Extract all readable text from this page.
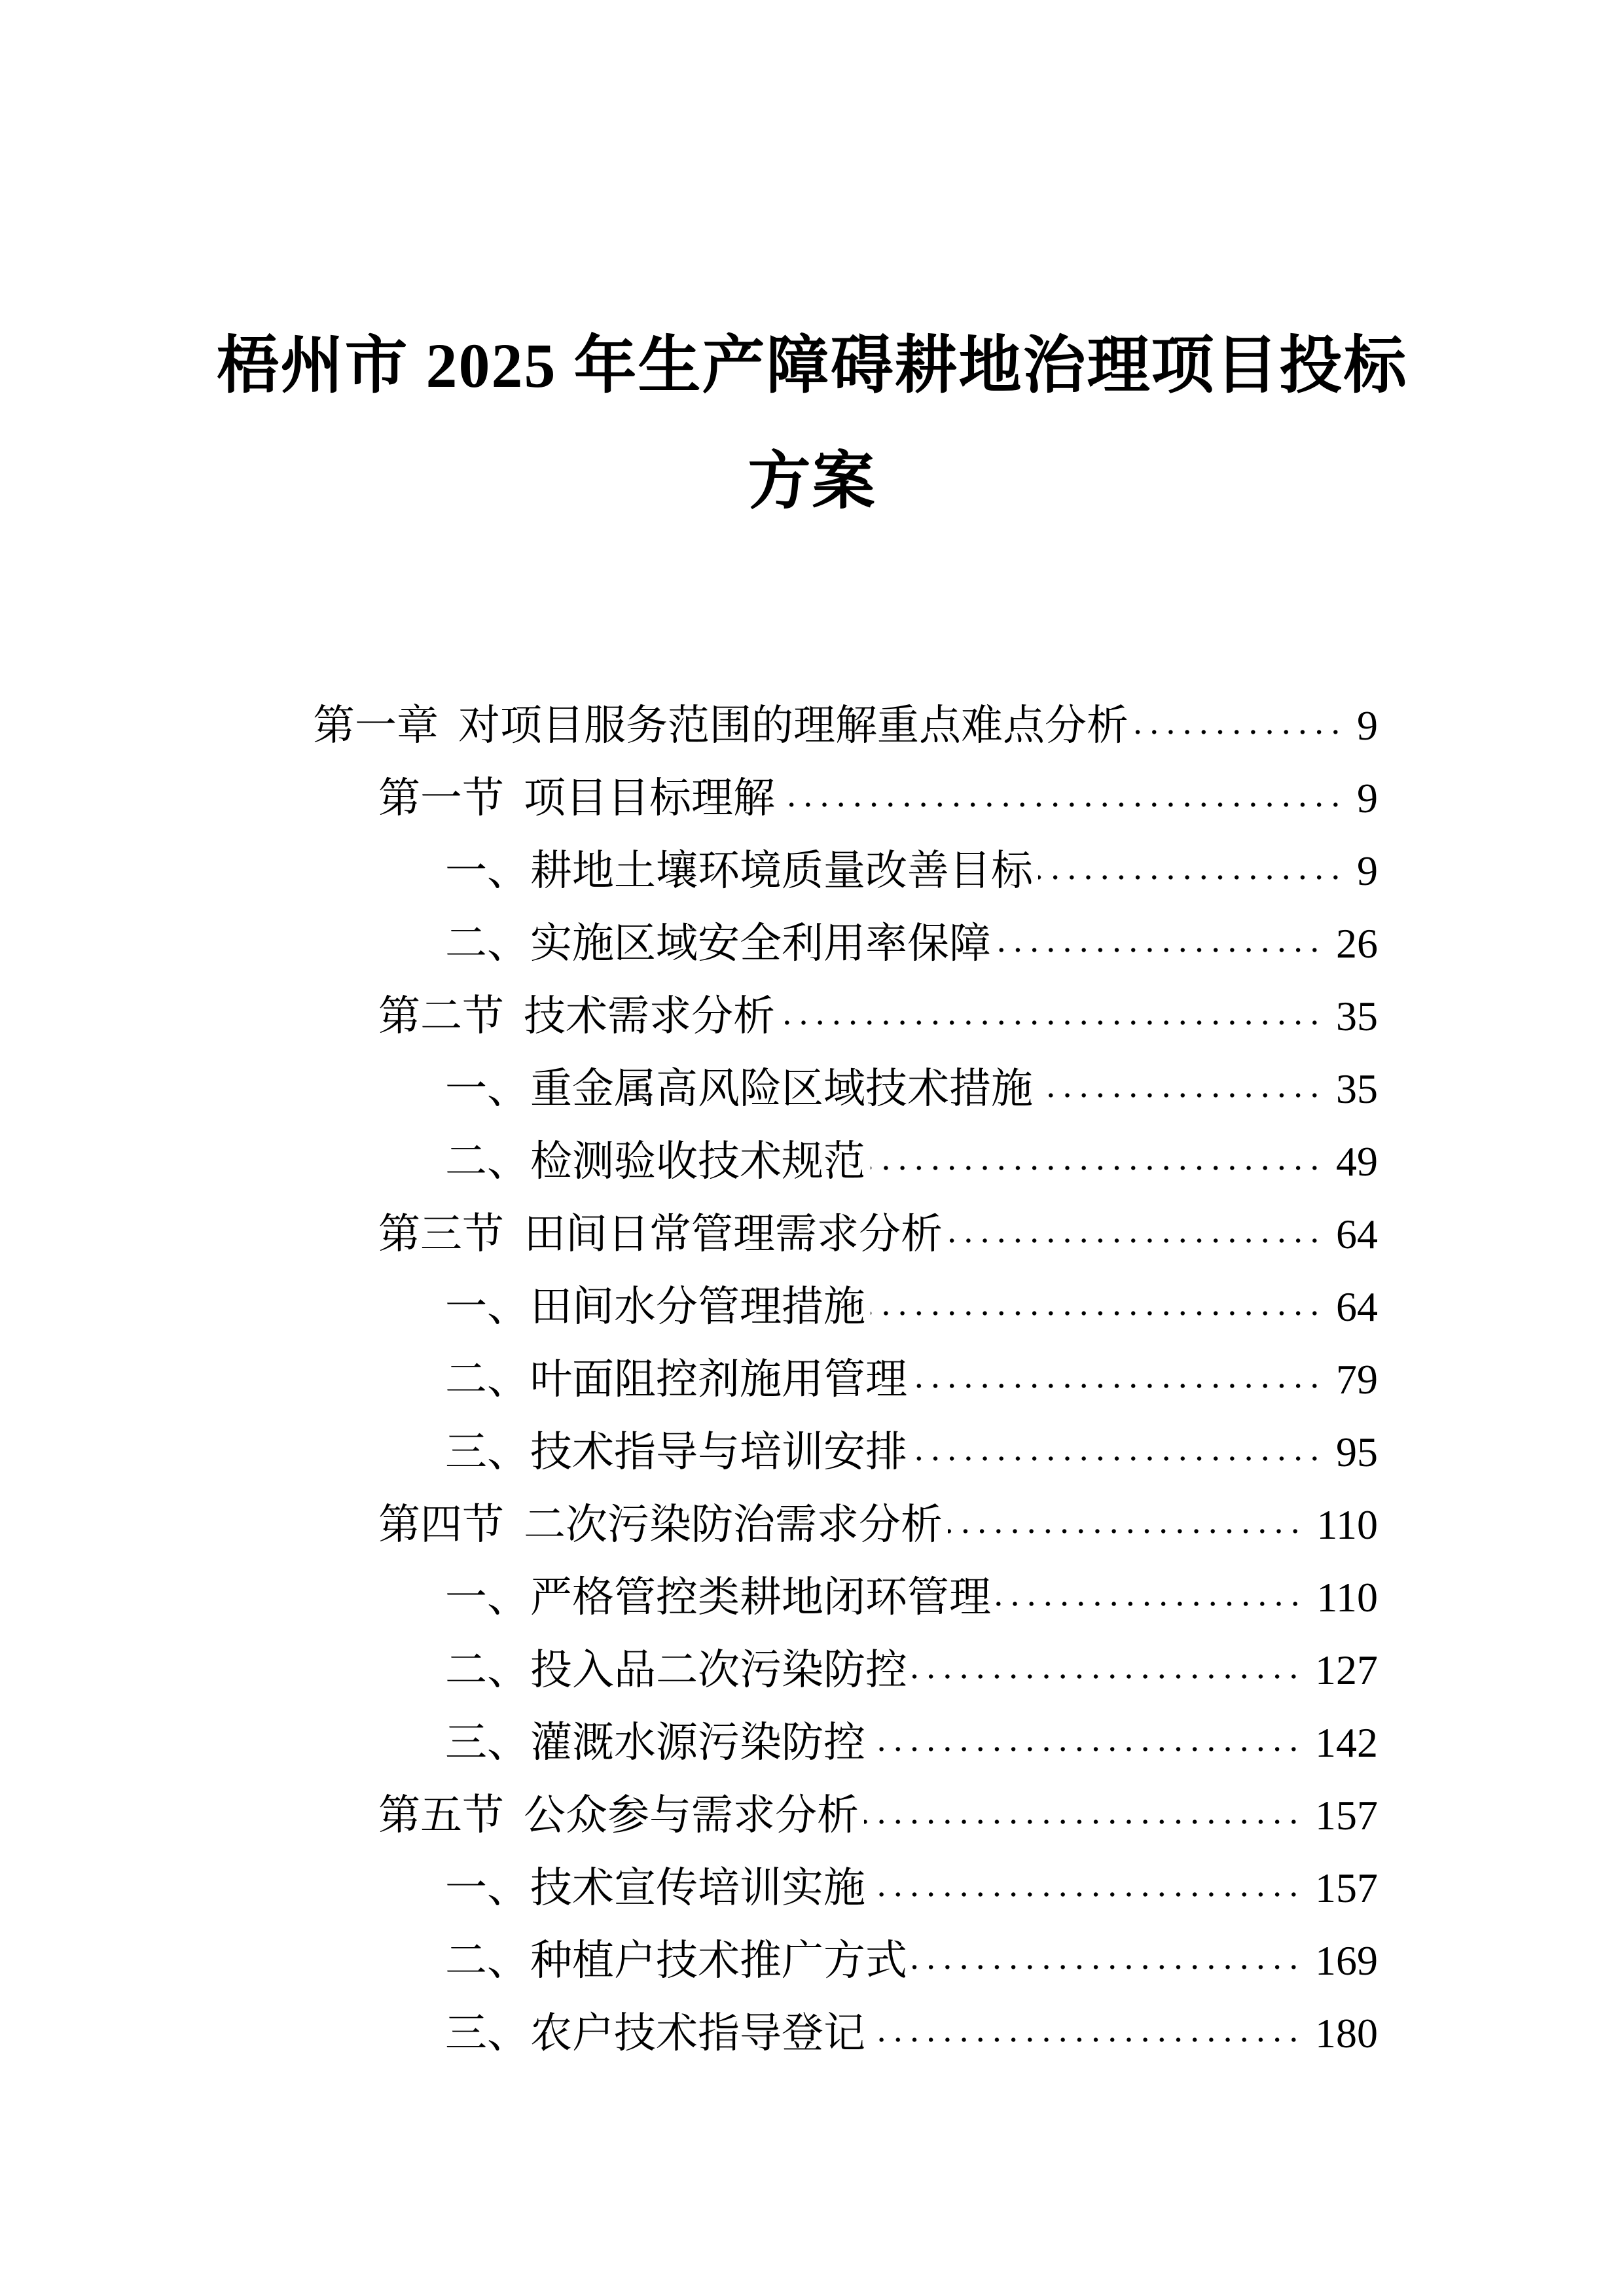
梧州市 2025 年生产障碍耕地治理项目投标
方案
第一章 对项目服务范围的理解重点难点分析	9
第一节 项目目标理解	9
一、 耕地土壤环境质量改善目标	9
二、 实施区域安全利用率保障	26
第二节 技术需求分析	35
一、 重金属高风险区域技术措施	35
二、 检测验收技术规范	49
第三节 田间日常管理需求分析	64
一、 田间水分管理措施	64
二、 叶面阻控剂施用管理	79
三、 技术指导与培训安排	95
第四节 二次污染防治需求分析	110
一、 严格管控类耕地闭环管理	110
二、 投入品二次污染防控	127
三、 灌溉水源污染防控	142
第五节 公众参与需求分析	157
一、 技术宣传培训实施	157
二、 种植户技术推广方式	169
三、 农户技术指导登记	180
